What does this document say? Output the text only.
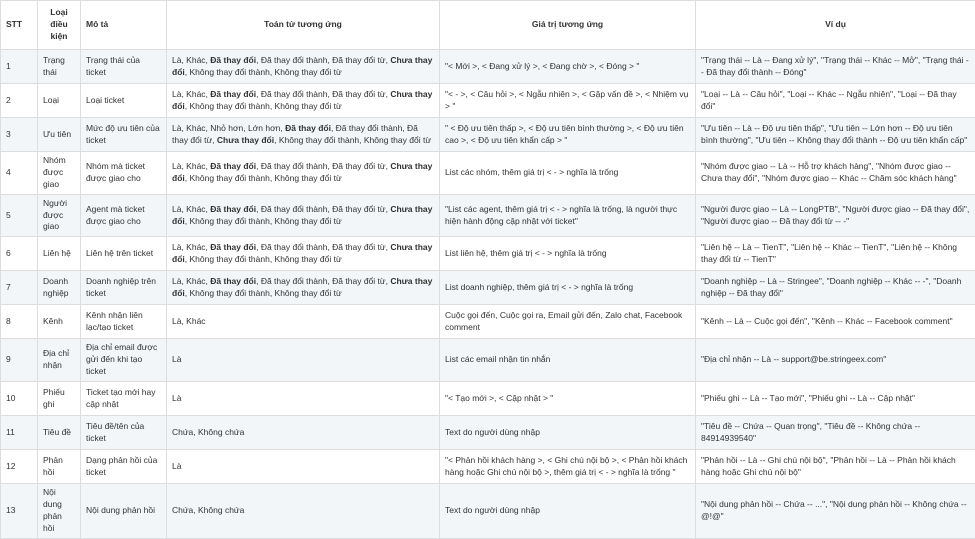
STT	Loại điều kiện	Mô tả	Toán tử tương ứng	Giá trị tương ứng	Ví dụ
1	Trạng thái	Trạng thái của ticket	Là, Khác, Đã thay đổi, Đã thay đổi thành, Đã thay đổi từ, Chưa thay đổi, Không thay đổi thành, Không thay đổi từ	"< Mới >, < Đang xử lý >, < Đang chờ >, < Đóng > "	"Trạng thái -- Là -- Đang xử lý", "Trạng thái -- Khác -- Mở", "Trạng thái -- Đã thay đổi thành -- Đóng"
2	Loại	Loại ticket	Là, Khác, Đã thay đổi, Đã thay đổi thành, Đã thay đổi từ, Chưa thay đổi, Không thay đổi thành, Không thay đổi từ	"< - >, < Câu hỏi >, < Ngẫu nhiên >, < Gặp vấn đề >, < Nhiệm vụ > "	"Loại -- Là -- Câu hỏi", "Loại -- Khác -- Ngẫu nhiên", "Loại -- Đã thay đổi"
3	Ưu tiên	Mức độ ưu tiên của ticket	Là, Khác, Nhỏ hơn, Lớn hơn, Đã thay đổi, Đã thay đổi thành, Đã thay đổi từ, Chưa thay đổi, Không thay đổi thành, Không thay đổi từ	" < Độ ưu tiên thấp >, < Độ ưu tiên bình thường >, < Độ ưu tiên cao >, < Độ ưu tiên khẩn cấp > "	"Ưu tiên -- Là -- Độ ưu tiên thấp", "Ưu tiên -- Lớn hơn -- Độ ưu tiên bình thường", "Ưu tiên -- Không thay đổi thành -- Độ ưu tiên khẩn cấp"
4	Nhóm được giao	Nhóm mà ticket được giao cho	Là, Khác, Đã thay đổi, Đã thay đổi thành, Đã thay đổi từ, Chưa thay đổi, Không thay đổi thành, Không thay đổi từ	List các nhóm, thêm giá trị < - > nghĩa là trống	"Nhóm được giao -- Là -- Hỗ trợ khách hàng", "Nhóm được giao -- Chưa thay đổi", "Nhóm được giao -- Khác -- Chăm sóc khách hàng"
5	Người được giao	Agent mà ticket được giao cho	Là, Khác, Đã thay đổi, Đã thay đổi thành, Đã thay đổi từ, Chưa thay đổi, Không thay đổi thành, Không thay đổi từ	"List các agent, thêm giá trị < - > nghĩa là trống, là người thực hiện hành động cập nhật với ticket"	"Người được giao -- Là -- LongPTB", "Người được giao -- Đã thay đổi", "Người được giao -- Đã thay đổi từ -- -"
6	Liên hệ	Liên hệ trên ticket	Là, Khác, Đã thay đổi, Đã thay đổi thành, Đã thay đổi từ, Chưa thay đổi, Không thay đổi thành, Không thay đổi từ	List liên hệ, thêm giá trị < - > nghĩa là trống	"Liên hệ -- Là -- TienT", "Liên hệ -- Khác -- TienT", "Liên hệ -- Không thay đổi từ -- TienT"
7	Doanh nghiệp	Doanh nghiệp trên ticket	Là, Khác, Đã thay đổi, Đã thay đổi thành, Đã thay đổi từ, Chưa thay đổi, Không thay đổi thành, Không thay đổi từ	List doanh nghiệp, thêm giá trị < - > nghĩa là trống	"Doanh nghiệp -- Là -- Stringee", "Doanh nghiệp -- Khác -- -", "Doanh nghiệp -- Đã thay đổi"
8	Kênh	Kênh nhận liên lạc/tạo ticket	Là, Khác	Cuộc gọi đến, Cuộc gọi ra, Email gửi đến, Zalo chat, Facebook comment	"Kênh -- Là -- Cuộc gọi đến", "Kênh -- Khác -- Facebook comment"
9	Địa chỉ nhận	Địa chỉ email được gửi đến khi tạo ticket	Là	List các email nhận tin nhắn	"Địa chỉ nhận -- Là -- support@be.stringeex.com"
10	Phiếu ghi	Ticket tạo mới hay cập nhật	Là	"< Tạo mới >, < Cập nhật > "	"Phiếu ghi -- Là -- Tạo mới", "Phiếu ghi -- Là -- Cập nhật"
11	Tiêu đề	Tiêu đề/tên của ticket	Chứa, Không chứa	Text do người dùng nhập	"Tiêu đề -- Chứa -- Quan trọng", "Tiêu đề -- Không chứa -- 84914939540"
12	Phản hồi	Dạng phản hồi của ticket	Là	"< Phản hồi khách hàng >, < Ghi chú nội bộ >, < Phản hồi khách hàng hoặc Ghi chú nội bộ >, thêm giá trị < - > nghĩa là trống "	"Phản hồi -- Là -- Ghi chú nội bộ", "Phản hồi -- Là -- Phản hồi khách hàng hoặc Ghi chú nội bộ"
13	Nội dung phản hồi	Nội dung phản hồi	Chứa, Không chứa	Text do người dùng nhập	"Nội dung phản hồi -- Chứa -- ...", "Nội dung phản hồi -- Không chứa -- @!@"
